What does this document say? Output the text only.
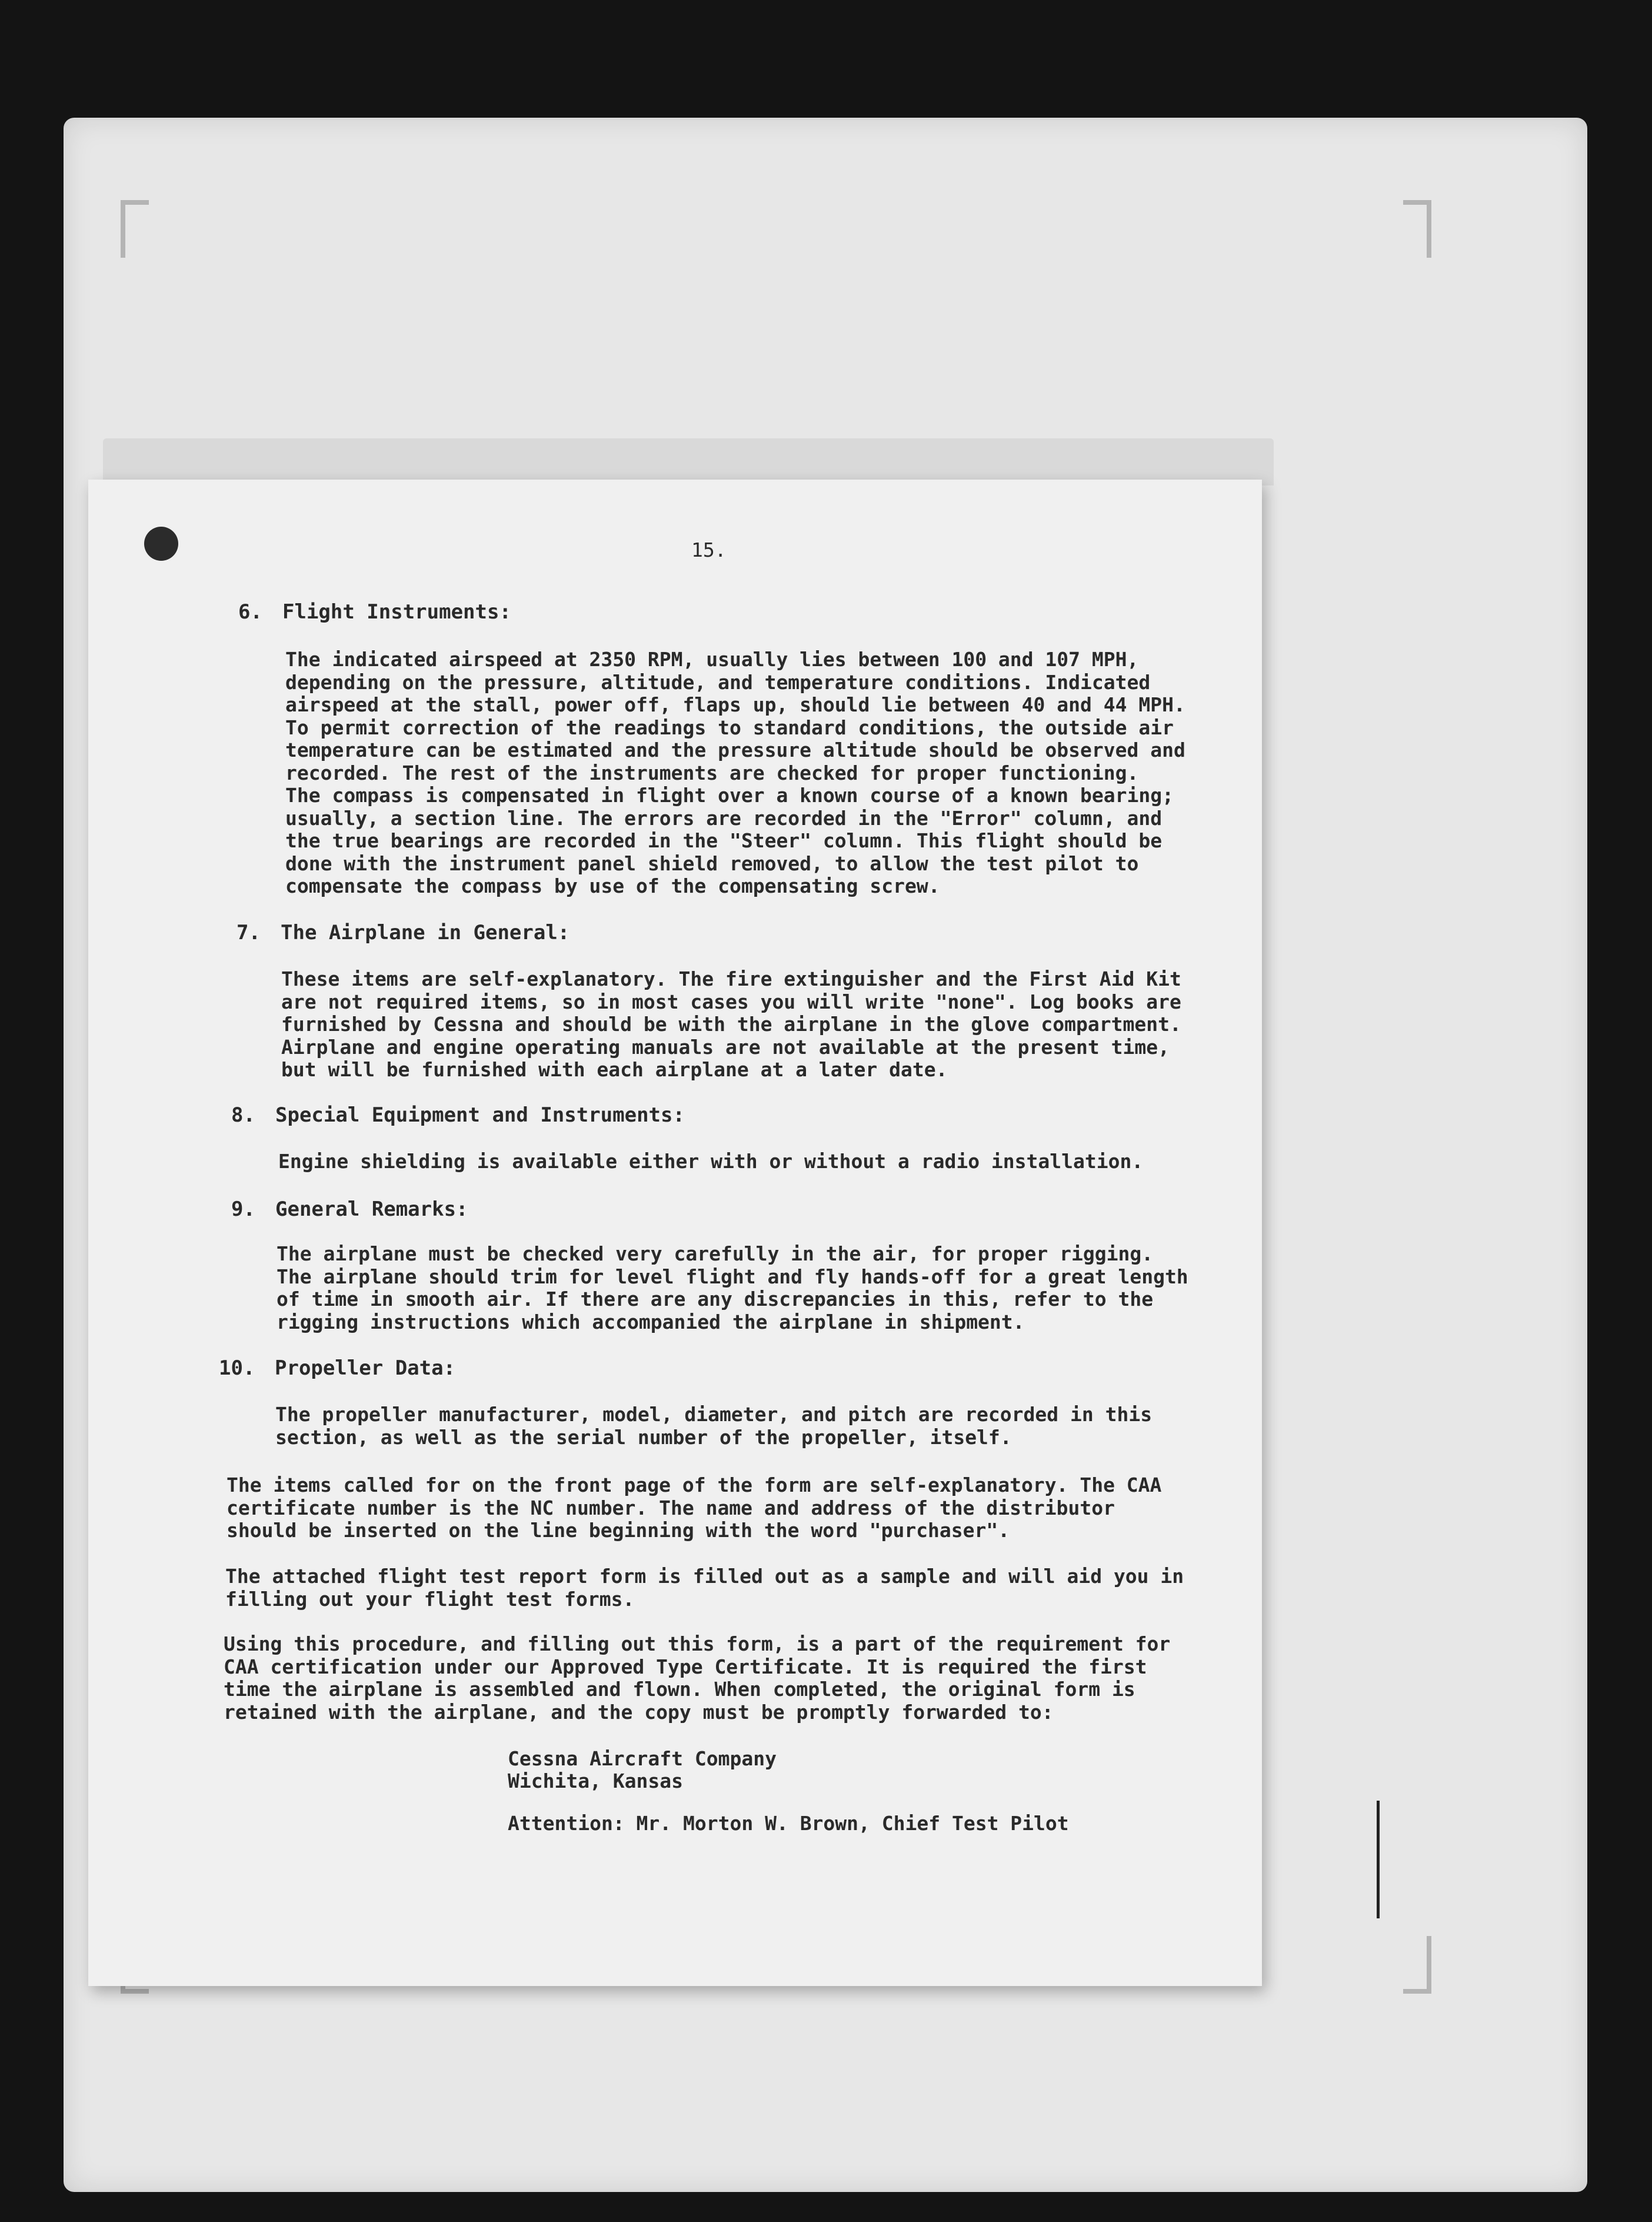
15.
6. Flight Instruments:
The indicated airspeed at 2350 RPM, usually lies between 100 and 107 MPH,
depending on the pressure, altitude, and temperature conditions. Indicated
airspeed at the stall, power off, flaps up, should lie between 40 and 44 MPH.
To permit correction of the readings to standard conditions, the outside air
temperature can be estimated and the pressure altitude should be observed and
recorded. The rest of the instruments are checked for proper functioning.
The compass is compensated in flight over a known course of a known bearing;
usually, a section line. The errors are recorded in the "Error" column, and
the true bearings are recorded in the "Steer" column. This flight should be
done with the instrument panel shield removed, to allow the test pilot to
compensate the compass by use of the compensating screw.
7. The Airplane in General:
These items are self-explanatory. The fire extinguisher and the First Aid Kit
are not required items, so in most cases you will write "none". Log books are
furnished by Cessna and should be with the airplane in the glove compartment.
Airplane and engine operating manuals are not available at the present time,
but will be furnished with each airplane at a later date.
8. Special Equipment and Instruments:
Engine shielding is available either with or without a radio installation.
9. General Remarks:
The airplane must be checked very carefully in the air, for proper rigging.
The airplane should trim for level flight and fly hands-off for a great length
of time in smooth air. If there are any discrepancies in this, refer to the
rigging instructions which accompanied the airplane in shipment.
10. Propeller Data:
The propeller manufacturer, model, diameter, and pitch are recorded in this
section, as well as the serial number of the propeller, itself.
The items called for on the front page of the form are self-explanatory. The CAA
certificate number is the NC number. The name and address of the distributor
should be inserted on the line beginning with the word "purchaser".
The attached flight test report form is filled out as a sample and will aid you in
filling out your flight test forms.
Using this procedure, and filling out this form, is a part of the requirement for
CAA certification under our Approved Type Certificate. It is required the first
time the airplane is assembled and flown. When completed, the original form is
retained with the airplane, and the copy must be promptly forwarded to:
Cessna Aircraft Company
Wichita, Kansas
Attention: Mr. Morton W. Brown, Chief Test Pilot
